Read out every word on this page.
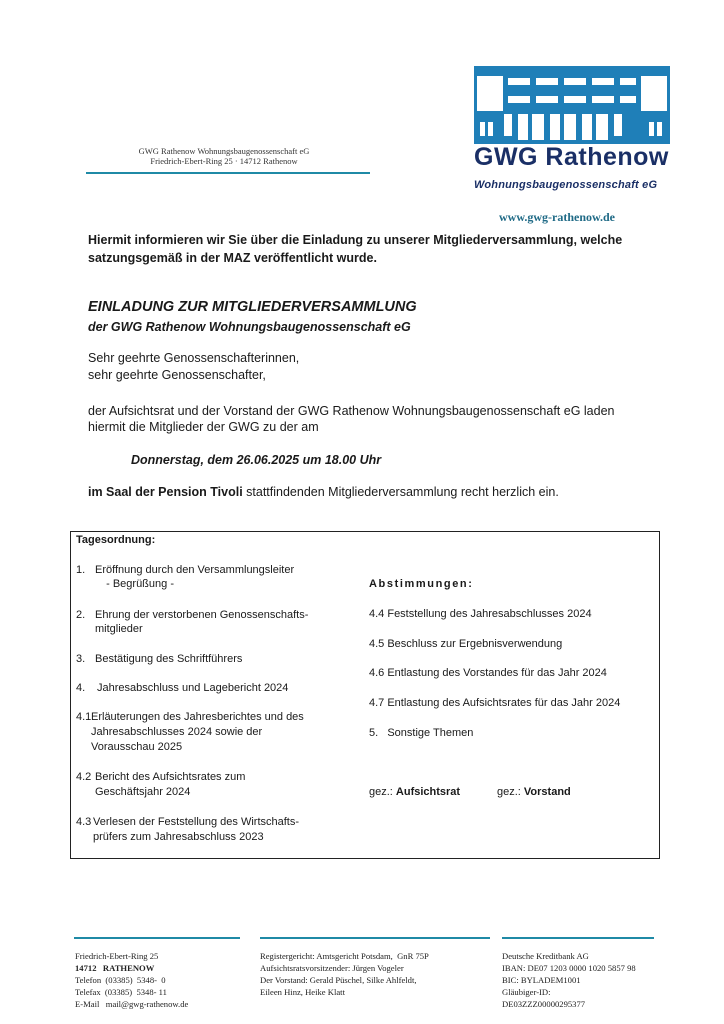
GWG Rathenow Wohnungsbaugenossenschaft eG
Friedrich-Ebert-Ring 25 · 14712 Rathenow	GWG Rathenow
Wohnungsbaugenossenschaft eG
www.gwg-rathenow.de
Hiermit informieren wir Sie über die Einladung zu unserer Mitgliederversammlung, welche satzungsgemäß in der MAZ veröffentlicht wurde.
EINLADUNG ZUR MITGLIEDERVERSAMMLUNG
der GWG Rathenow Wohnungsbaugenossenschaft eG
Sehr geehrte Genossenschafterinnen,
sehr geehrte Genossenschafter,
der Aufsichtsrat und der Vorstand der GWG Rathenow Wohnungsbaugenossenschaft eG laden
hiermit die Mitglieder der GWG zu der am
Donnerstag, dem 26.06.2025 um 18.00 Uhr
im Saal der Pension Tivoli stattfindenden Mitgliederversammlung recht herzlich ein.
Tagesordnung:
1. Eröffnung durch den Versammlungsleiter
- Begrüßung -
2. Ehrung der verstorbenen Genossenschafts-
mitglieder
3. Bestätigung des Schriftführers
4. Jahresabschluss und Lagebericht 2024
4.1 Erläuterungen des Jahresberichtes und des
Jahresabschlusses 2024 sowie der
Vorausschau 2025
4.2 Bericht des Aufsichtsrates zum
Geschäftsjahr 2024
4.3 Verlesen der Feststellung des Wirtschafts-
prüfers zum Jahresabschluss 2023
Abstimmungen:
4.4 Feststellung des Jahresabschlusses 2024
4.5 Beschluss zur Ergebnisverwendung
4.6 Entlastung des Vorstandes für das Jahr 2024
4.7 Entlastung des Aufsichtsrates für das Jahr 2024
5.   Sonstige Themen
gez.: Aufsichtsrat	gez.: Vorstand
Friedrich-Ebert-Ring 25
14712   RATHENOW
Telefon  (03385)  5348-  0
Telefax  (03385)  5348- 11
E-Mail   mail@gwg-rathenow.de
Registergericht: Amtsgericht Potsdam,  GnR 75P
Aufsichtsratsvorsitzender: Jürgen Vogeler
Der Vorstand: Gerald Püschel, Silke Ahlfeldt,
Eileen Hinz, Heike Klatt
Deutsche Kreditbank AG
IBAN: DE07 1203 0000 1020 5857 98
BIC: BYLADEM1001
Gläubiger-ID:
DE03ZZZ00000295377
